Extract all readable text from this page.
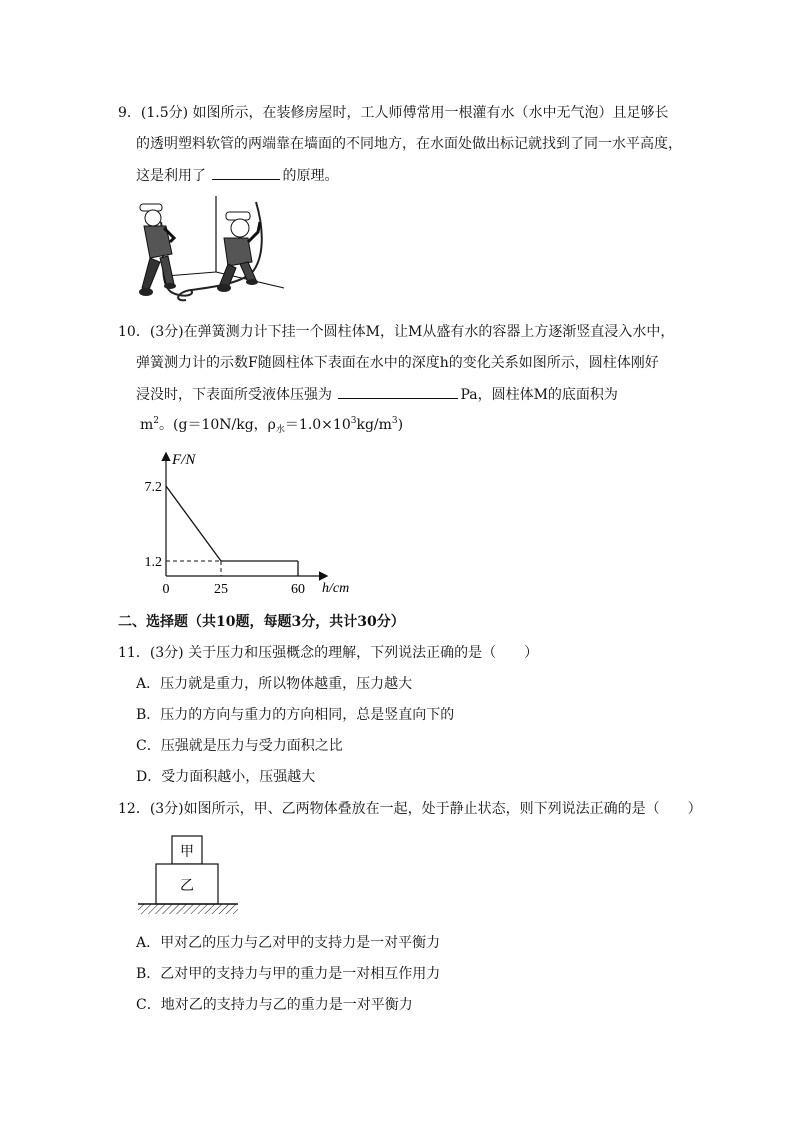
9．(1.5分) 如图所示，在装修房屋时，工人师傅常用一根灌有水（水中无气泡）且足够长
的透明塑料软管的两端靠在墙面的不同地方，在水面处做出标记就找到了同一水平高度，
这是利用了	的原理。
10．(3分)在弹簧测力计下挂一个圆柱体M，让M从盛有水的容器上方逐渐竖直浸入水中，
弹簧测力计的示数F随圆柱体下表面在水中的深度h的变化关系如图所示，圆柱体刚好
浸没时，下表面所受液体压强为	Pa，圆柱体M的底面积为
$m^2$。(g＝10N/kg，$\rho_水=1.0\times 10^3kg/m^3$)
F/N
h/cm
0	25	60
7.2
1.2
二、选择题（共10题，每题3分，共计30分）
11．(3分) 关于压力和压强概念的理解，下列说法正确的是（　　）
A．压力就是重力，所以物体越重，压力越大
B．压力的方向与重力的方向相同，总是竖直向下的
C．压强就是压力与受力面积之比
D．受力面积越小，压强越大
12．(3分)如图所示，甲、乙两物体叠放在一起，处于静止状态，则下列说法正确的是（　　）
甲
乙
A．甲对乙的压力与乙对甲的支持力是一对平衡力
B．乙对甲的支持力与甲的重力是一对相互作用力
C．地对乙的支持力与乙的重力是一对平衡力
